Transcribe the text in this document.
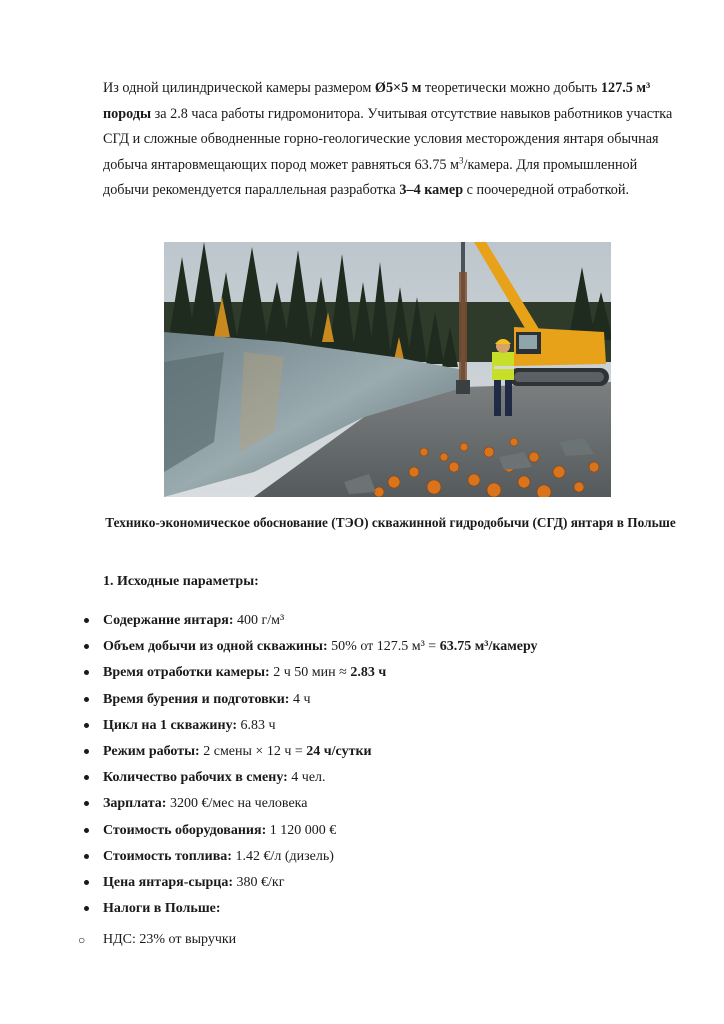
Из одной цилиндрической камеры размером Ø5×5 м теоретически можно добыть 127.5 м³ породы за 2.8 часа работы гидромонитора. Учитывая отсутствие навыков работников участка СГД и сложные обводненные горно-геологические условия месторождения янтаря обычная добыча янтаровмещающих пород может равняться 63.75 $м^3$/камера. Для промышленной добычи рекомендуется параллельная разработка 3–4 камер с поочередной отработкой.

Технико-экономическое обоснование (ТЭО) скважинной гидродобычи (СГД) янтаря в Польше

1. Исходные параметры:

Содержание янтаря: 400 г/м³
Объем добычи из одной скважины: 50% от 127.5 м³ = 63.75 м³/камеру
Время отработки камеры: 2 ч 50 мин ≈ 2.83 ч
Время бурения и подготовки: 4 ч
Цикл на 1 скважину: 6.83 ч
Режим работы: 2 смены × 12 ч = 24 ч/сутки
Количество рабочих в смену: 4 чел.
Зарплата: 3200 €/мес на человека
Стоимость оборудования: 1 120 000 €
Стоимость топлива: 1.42 €/л (дизель)
Цена янтаря-сырца: 380 €/кг
Налоги в Польше:
○ НДС: 23% от выручки
